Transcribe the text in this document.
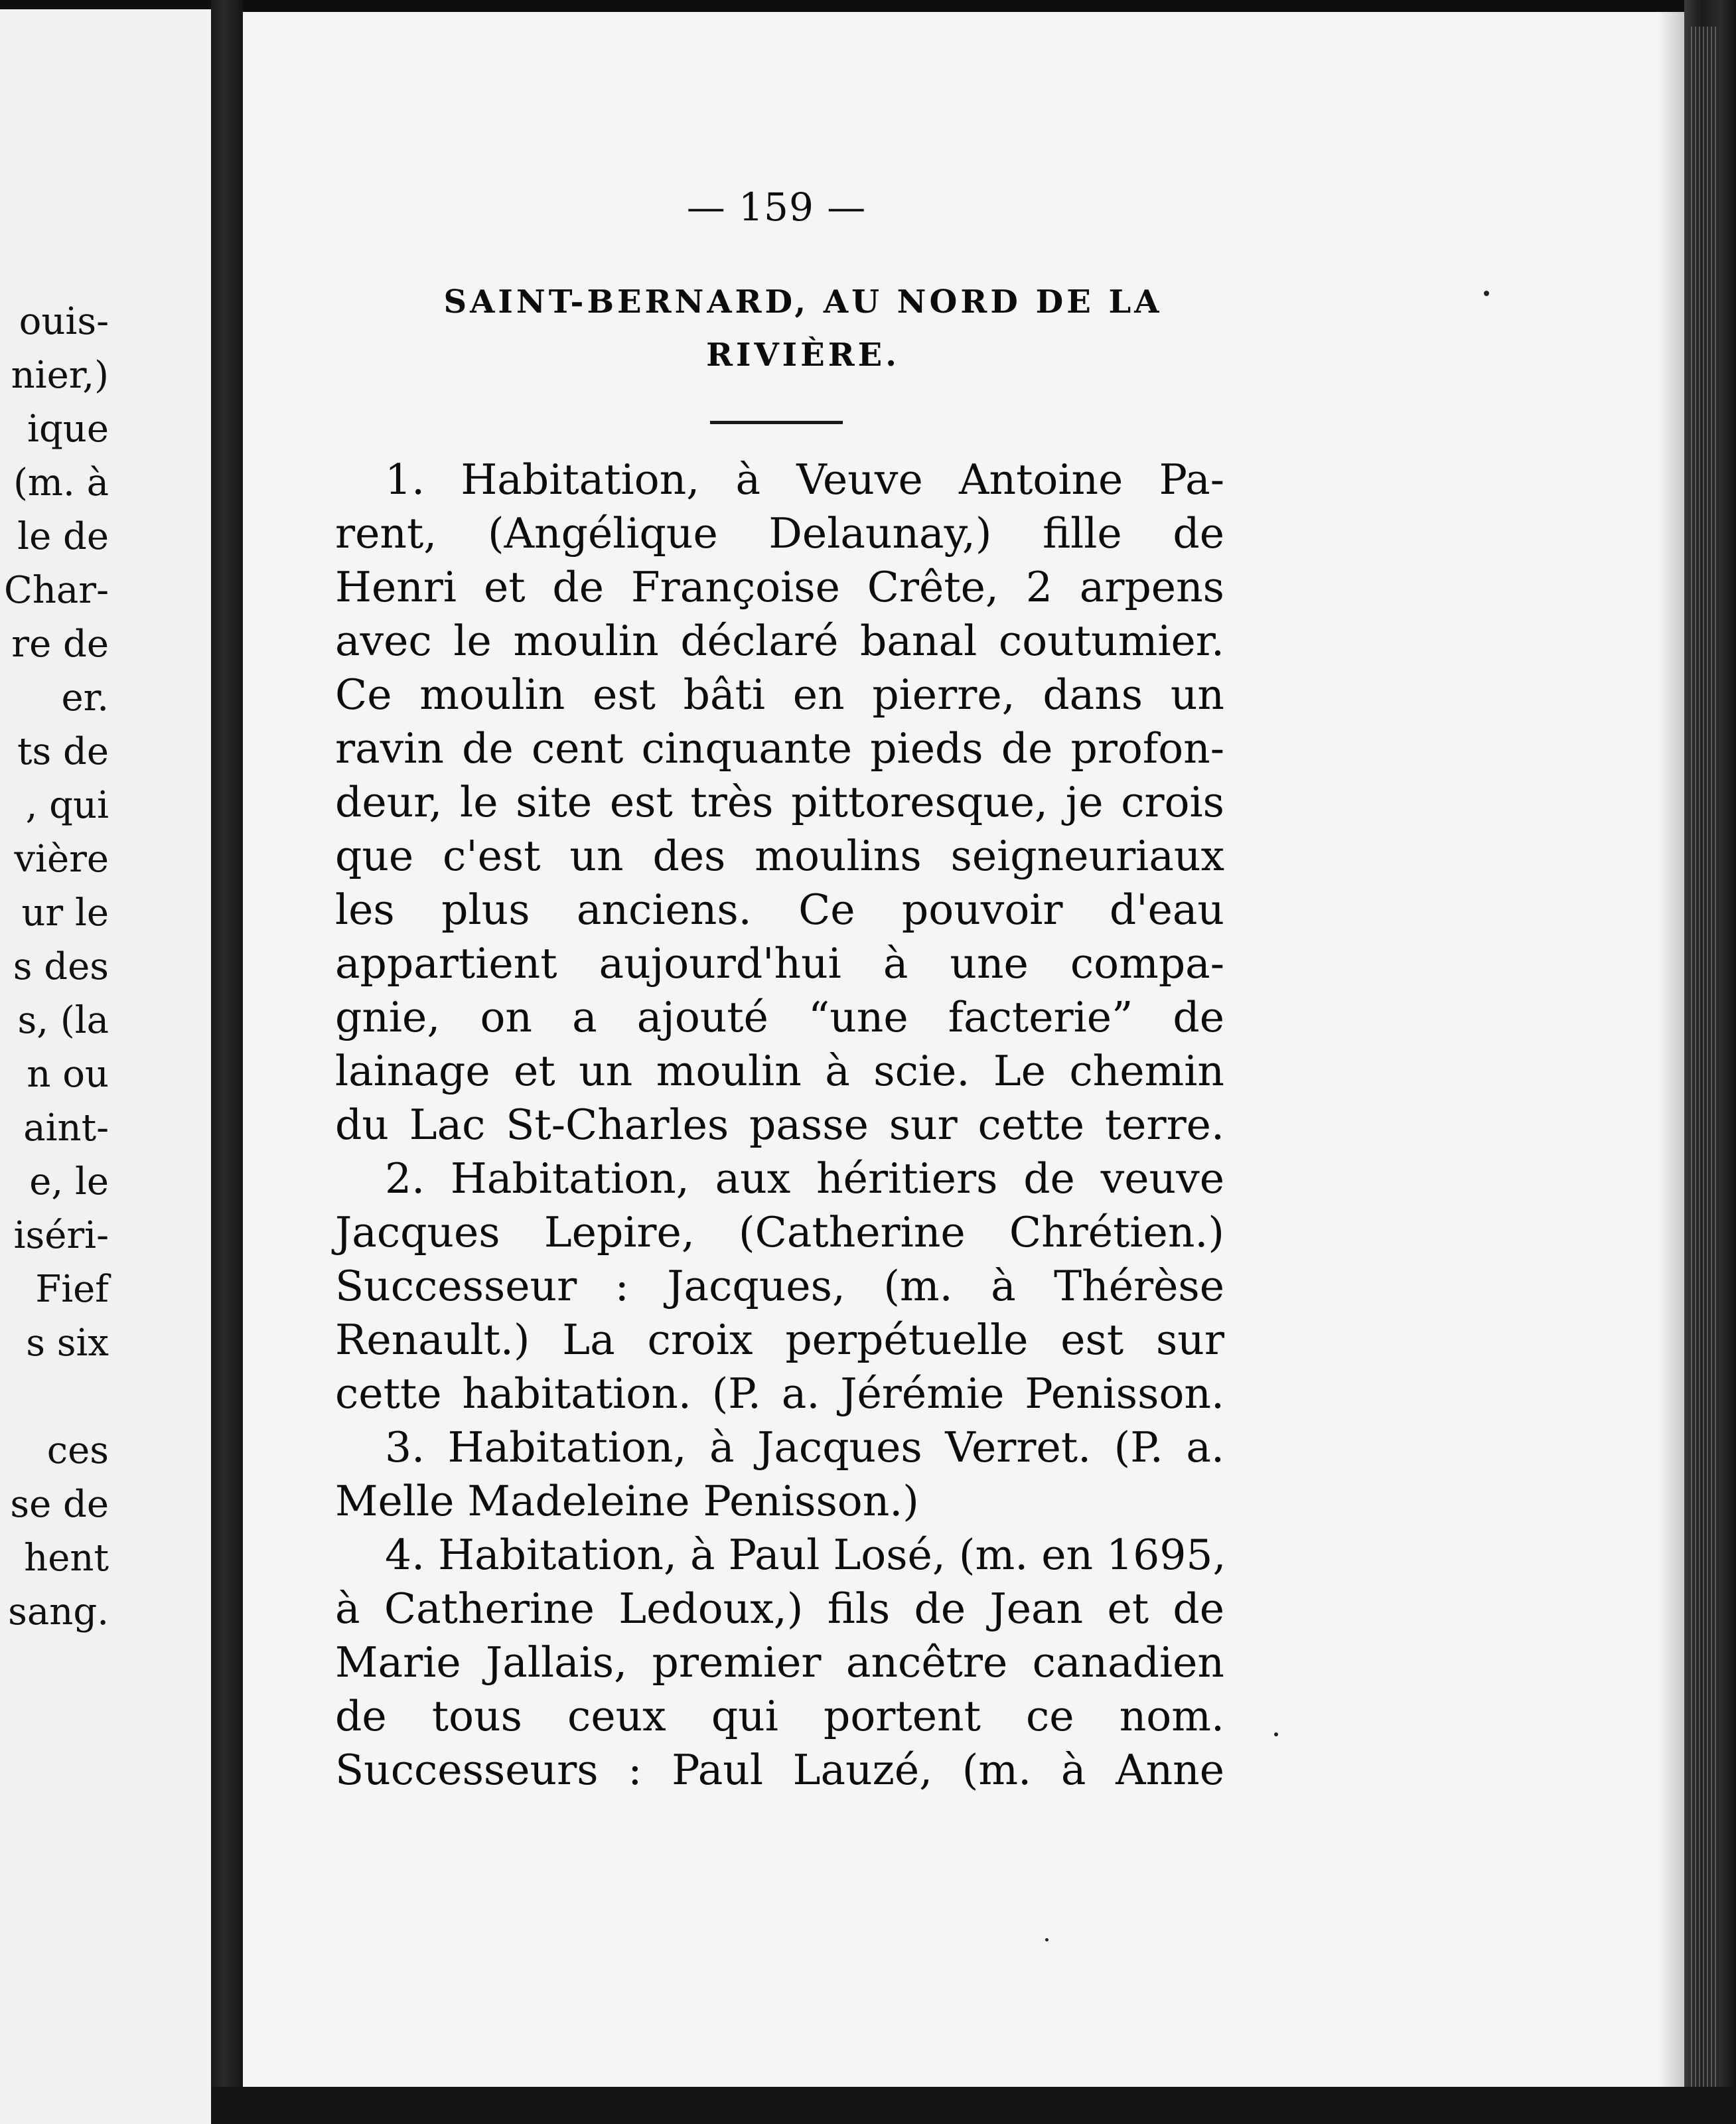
ouis-
nier,)
ique
(m. à
le de
Char-
re de
er.
ts de
, qui
vière
ur le
s des
s, (la
n ou
aint-
e, le
iséri-
Fief
s six
ces
se de
hent
sang.
— 159 —
SAINT-BERNARD, AU NORD DE LA
RIVIÈRE.
1. Habitation, à Veuve Antoine Pa-
rent, (Angélique Delaunay,) fille de
Henri et de Françoise Crête, 2 arpens
avec le moulin déclaré banal coutumier.
Ce moulin est bâti en pierre, dans un
ravin de cent cinquante pieds de profon-
deur, le site est très pittoresque, je crois
que c'est un des moulins seigneuriaux
les plus anciens. Ce pouvoir d'eau
appartient aujourd'hui à une compa-
gnie, on a ajouté “une facterie” de
lainage et un moulin à scie. Le chemin
du Lac St-Charles passe sur cette terre.
2. Habitation, aux héritiers de veuve
Jacques Lepire, (Catherine Chrétien.)
Successeur : Jacques, (m. à Thérèse
Renault.) La croix perpétuelle est sur
cette habitation. (P. a. Jérémie Penisson.
3. Habitation, à Jacques Verret. (P. a.
Melle Madeleine Penisson.)
4. Habitation, à Paul Losé, (m. en 1695,
à Catherine Ledoux,) fils de Jean et de
Marie Jallais, premier ancêtre canadien
de tous ceux qui portent ce nom.
Successeurs : Paul Lauzé, (m. à Anne
